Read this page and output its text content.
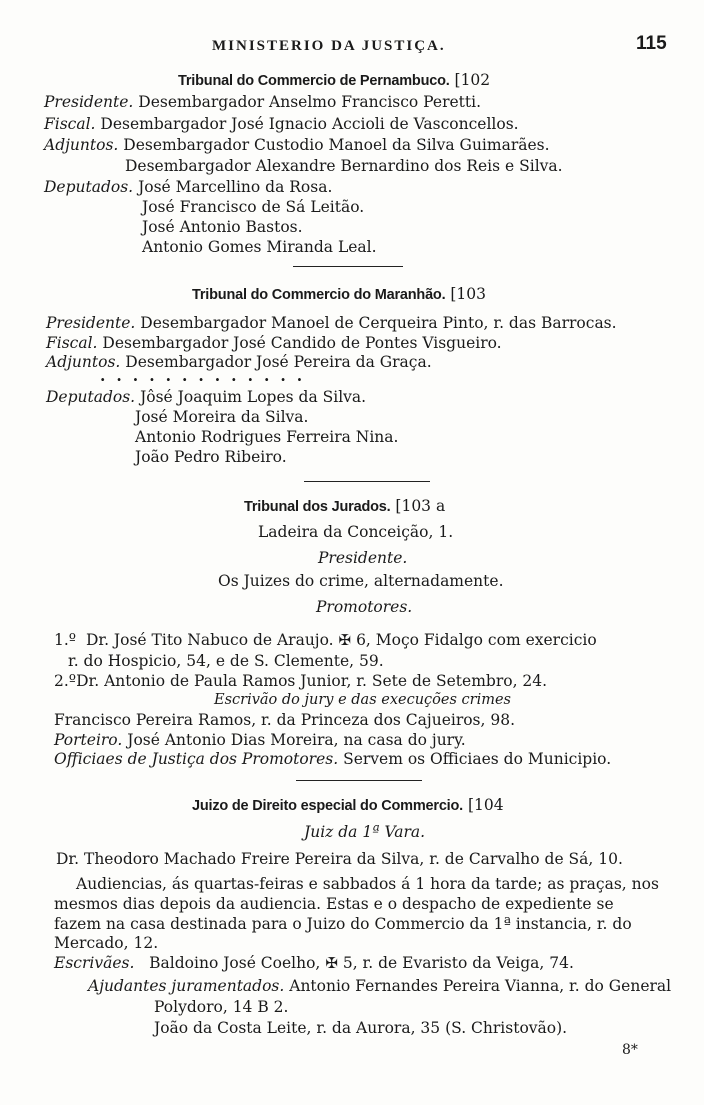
MINISTERIO DA JUSTIÇA.	115
Tribunal do Commercio de Pernambuco. [102
Presidente. Desembargador Anselmo Francisco Peretti.
Fiscal. Desembargador José Ignacio Accioli de Vasconcellos.
Adjuntos. Desembargador Custodio Manoel da Silva Guimarães.
Desembargador Alexandre Bernardino dos Reis e Silva.
Deputados. José Marcellino da Rosa.
José Francisco de Sá Leitão.
José Antonio Bastos.
Antonio Gomes Miranda Leal.
Tribunal do Commercio do Maranhão. [103
Presidente. Desembargador Manoel de Cerqueira Pinto, r. das Barrocas.
Fiscal. Desembargador José Candido de Pontes Visgueiro.
Adjuntos. Desembargador José Pereira da Graça.
.............
Deputados. Jôsé Joaquim Lopes da Silva.
José Moreira da Silva.
Antonio Rodrigues Ferreira Nina.
João Pedro Ribeiro.
Tribunal dos Jurados. [103 a
Ladeira da Conceição, 1.
Presidente.
Os Juizes do crime, alternadamente.
Promotores.
1.º Dr. José Tito Nabuco de Araujo. ✠ 6, Moço Fidalgo com exercicio
r. do Hospicio, 54, e de S. Clemente, 59.
2.ºDr. Antonio de Paula Ramos Junior, r. Sete de Setembro, 24.
Escrivão do jury e das execuções crimes
Francisco Pereira Ramos, r. da Princeza dos Cajueiros, 98.
Porteiro. José Antonio Dias Moreira, na casa do jury.
Officiaes de Justiça dos Promotores. Servem os Officiaes do Municipio.
Juizo de Direito especial do Commercio. [104
Juiz da 1ª Vara.
Dr. Theodoro Machado Freire Pereira da Silva, r. de Carvalho de Sá, 10.
Audiencias, ás quartas-feiras e sabbados á 1 hora da tarde; as praças, nos
mesmos dias depois da audiencia. Estas e o despacho de expediente se
fazem na casa destinada para o Juizo do Commercio da 1ª instancia, r. do
Mercado, 12.
Escrivães. Baldoino José Coelho, ✠ 5, r. de Evaristo da Veiga, 74.
Ajudantes juramentados. Antonio Fernandes Pereira Vianna, r. do General
Polydoro, 14 B 2.
João da Costa Leite, r. da Aurora, 35 (S. Christovão).
8*
